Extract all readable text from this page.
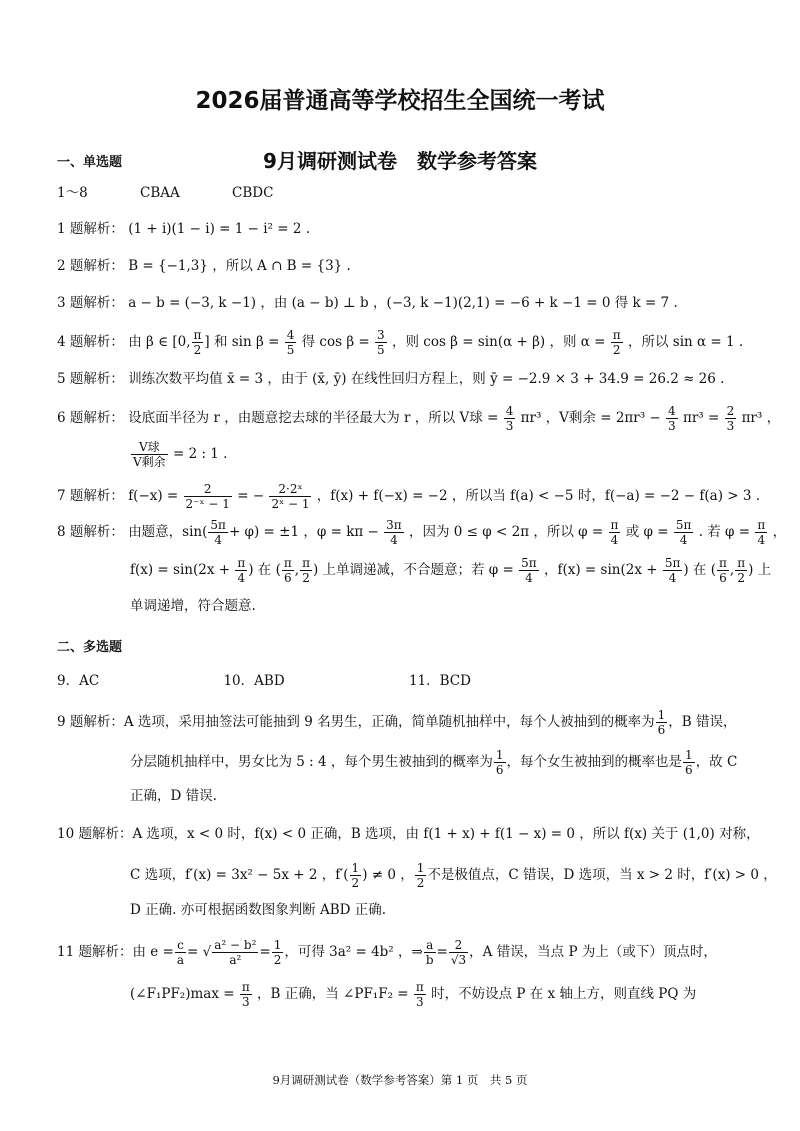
2026届普通高等学校招生全国统一考试
9月调研测试卷　数学参考答案
一、单选题
1～8	CBAA	CBDC
1 题解析： (1 + i)(1 − i) = 1 − i² = 2 .
2 题解析： B = {−1,3} ，所以 A ∩ B = {3} .
3 题解析： a − b = (−3, k −1) ，由 (a − b) ⊥ b ，(−3, k −1)(2,1) = −6 + k −1 = 0 得 k = 7 .
4 题解析： 由 β ∈ [0, $\frac{\pi}{2}$ ] 和 $\sin \beta = \frac{4}{5}$ 得 $\cos \beta = \frac{3}{5}$ ，则 cos β = sin(α + β) ，则 $\alpha = \frac{\pi}{2}$ ，所以 sin α = 1 .
5 题解析： 训练次数平均值 x̄ = 3 ，由于 (x̄, ȳ) 在线性回归方程上，则 ȳ = −2.9 × 3 + 34.9 = 26.2 ≈ 26 .
6 题解析： 设底面半径为 r ，由题意挖去球的半径最大为 r ，所以 V球 = $\frac{4}{3} \pi r^3$ ，V剩余 = $2\pi r^3 - \frac{4}{3} \pi r^3 = \frac{2}{3} \pi r^3$ ，
$\frac{\text{V球}}{\text{V剩余}} = 2$ : 1 .
7 题解析： $f(-x) = \frac{2}{\text{2⁻ˣ − 1}}$ = − $\frac{\text{2·2ˣ}}{\text{2ˣ − 1}}$ ，f(x) + f(−x) = −2 ，所以当 f(a) < −5 时，f(−a) = −2 − f(a) > 3 .
8 题解析： 由题意，$\sin( \frac{5\pi}{4} + \varphi) = \pm 1$ ，$\varphi = k\pi - \frac{3\pi}{4}$ ，因为 0 ≤ φ < 2π ，所以 $\varphi = \frac{\pi}{4}$ 或 $\varphi = \frac{5\pi}{4}$ . 若 $\varphi = \frac{\pi}{4}$ ，
$f(x) = \sin(2x + \frac{\pi}{4}$ ) 在 ( $\frac{\pi}{6}$ , $\frac{\pi}{2}$ ) 上单调递减，不合题意；若 $\varphi = \frac{5\pi}{4}$ ，$f(x) = \sin(2x + \frac{5\pi}{4}$ ) 在 ( $\frac{\pi}{6}$ , $\frac{\pi}{2}$ ) 上
单调递增，符合题意.
二、多选题
9．AC	10．ABD	11．BCD
9 题解析：A 选项，采用抽签法可能抽到 9 名男生，正确，简单随机抽样中，每个人被抽到的概率为 $\frac{1}{6}$ ，B 错误，
分层随机抽样中，男女比为 5 : 4 ，每个男生被抽到的概率为 $\frac{1}{6}$ ，每个女生被抽到的概率也是 $\frac{1}{6}$ ，故 C
正确，D 错误.
10 题解析：A 选项，x < 0 时，f(x) < 0 正确，B 选项，由 f(1 + x) + f(1 − x) = 0 ，所以 f(x) 关于 (1,0) 对称，
C 选项，f′(x) = 3x² − 5x + 2 ，$f'( \frac{1}{2}$ ) ≠ 0 ， $\frac{1}{2}$ 不是极值点，C 错误，D 选项，当 x > 2 时，f′(x) > 0 ，
D 正确. 亦可根据函数图象判断 ABD 正确.
11 题解析：由 $e = \frac{c}{a}$ = √ $\frac{\text{a² − b²}}{\text{a²}} = \frac{1}{2}$ ，可得 3a² = 4b² ，⇒ $\frac{a}{b} = \frac{2}{√3}$ ，A 错误，当点 P 为上（或下）顶点时，
(∠F₁PF₂)max = $\frac{\pi}{3}$ ，B 正确，当 ∠PF₁F₂ = $\frac{\pi}{3}$ 时，不妨设点 P 在 x 轴上方，则直线 PQ 为
9月调研测试卷（数学参考答案）第 1 页　共 5 页
